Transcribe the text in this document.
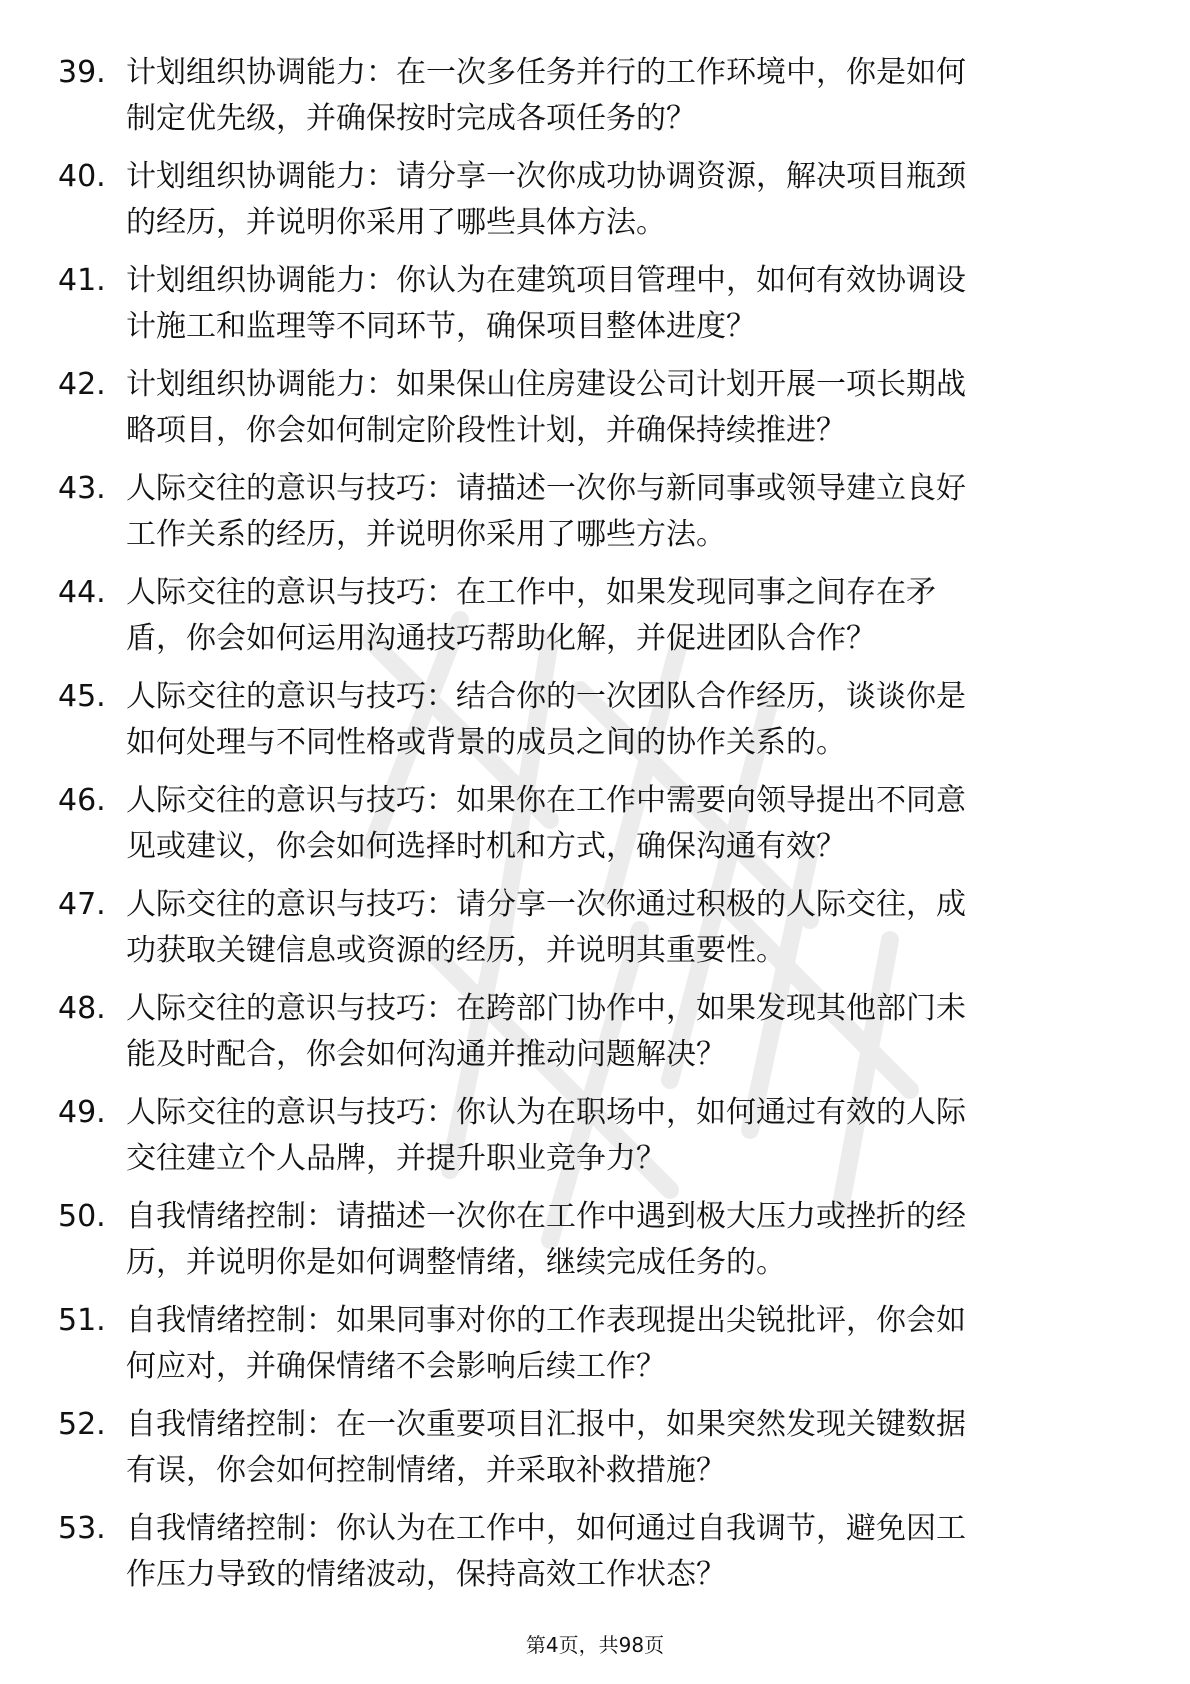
39. 计划组织协调能力：在一次多任务并行的工作环境中，你是如何
制定优先级，并确保按时完成各项任务的？
40. 计划组织协调能力：请分享一次你成功协调资源，解决项目瓶颈
的经历，并说明你采用了哪些具体方法。
41. 计划组织协调能力：你认为在建筑项目管理中，如何有效协调设
计施工和监理等不同环节，确保项目整体进度？
42. 计划组织协调能力：如果保山住房建设公司计划开展一项长期战
略项目，你会如何制定阶段性计划，并确保持续推进？
43. 人际交往的意识与技巧：请描述一次你与新同事或领导建立良好
工作关系的经历，并说明你采用了哪些方法。
44. 人际交往的意识与技巧：在工作中，如果发现同事之间存在矛
盾，你会如何运用沟通技巧帮助化解，并促进团队合作？
45. 人际交往的意识与技巧：结合你的一次团队合作经历，谈谈你是
如何处理与不同性格或背景的成员之间的协作关系的。
46. 人际交往的意识与技巧：如果你在工作中需要向领导提出不同意
见或建议，你会如何选择时机和方式，确保沟通有效？
47. 人际交往的意识与技巧：请分享一次你通过积极的人际交往，成
功获取关键信息或资源的经历，并说明其重要性。
48. 人际交往的意识与技巧：在跨部门协作中，如果发现其他部门未
能及时配合，你会如何沟通并推动问题解决？
49. 人际交往的意识与技巧：你认为在职场中，如何通过有效的人际
交往建立个人品牌，并提升职业竞争力？
50. 自我情绪控制：请描述一次你在工作中遇到极大压力或挫折的经
历，并说明你是如何调整情绪，继续完成任务的。
51. 自我情绪控制：如果同事对你的工作表现提出尖锐批评，你会如
何应对，并确保情绪不会影响后续工作？
52. 自我情绪控制：在一次重要项目汇报中，如果突然发现关键数据
有误，你会如何控制情绪，并采取补救措施？
53. 自我情绪控制：你认为在工作中，如何通过自我调节，避免因工
作压力导致的情绪波动，保持高效工作状态？
第4页，共98页
